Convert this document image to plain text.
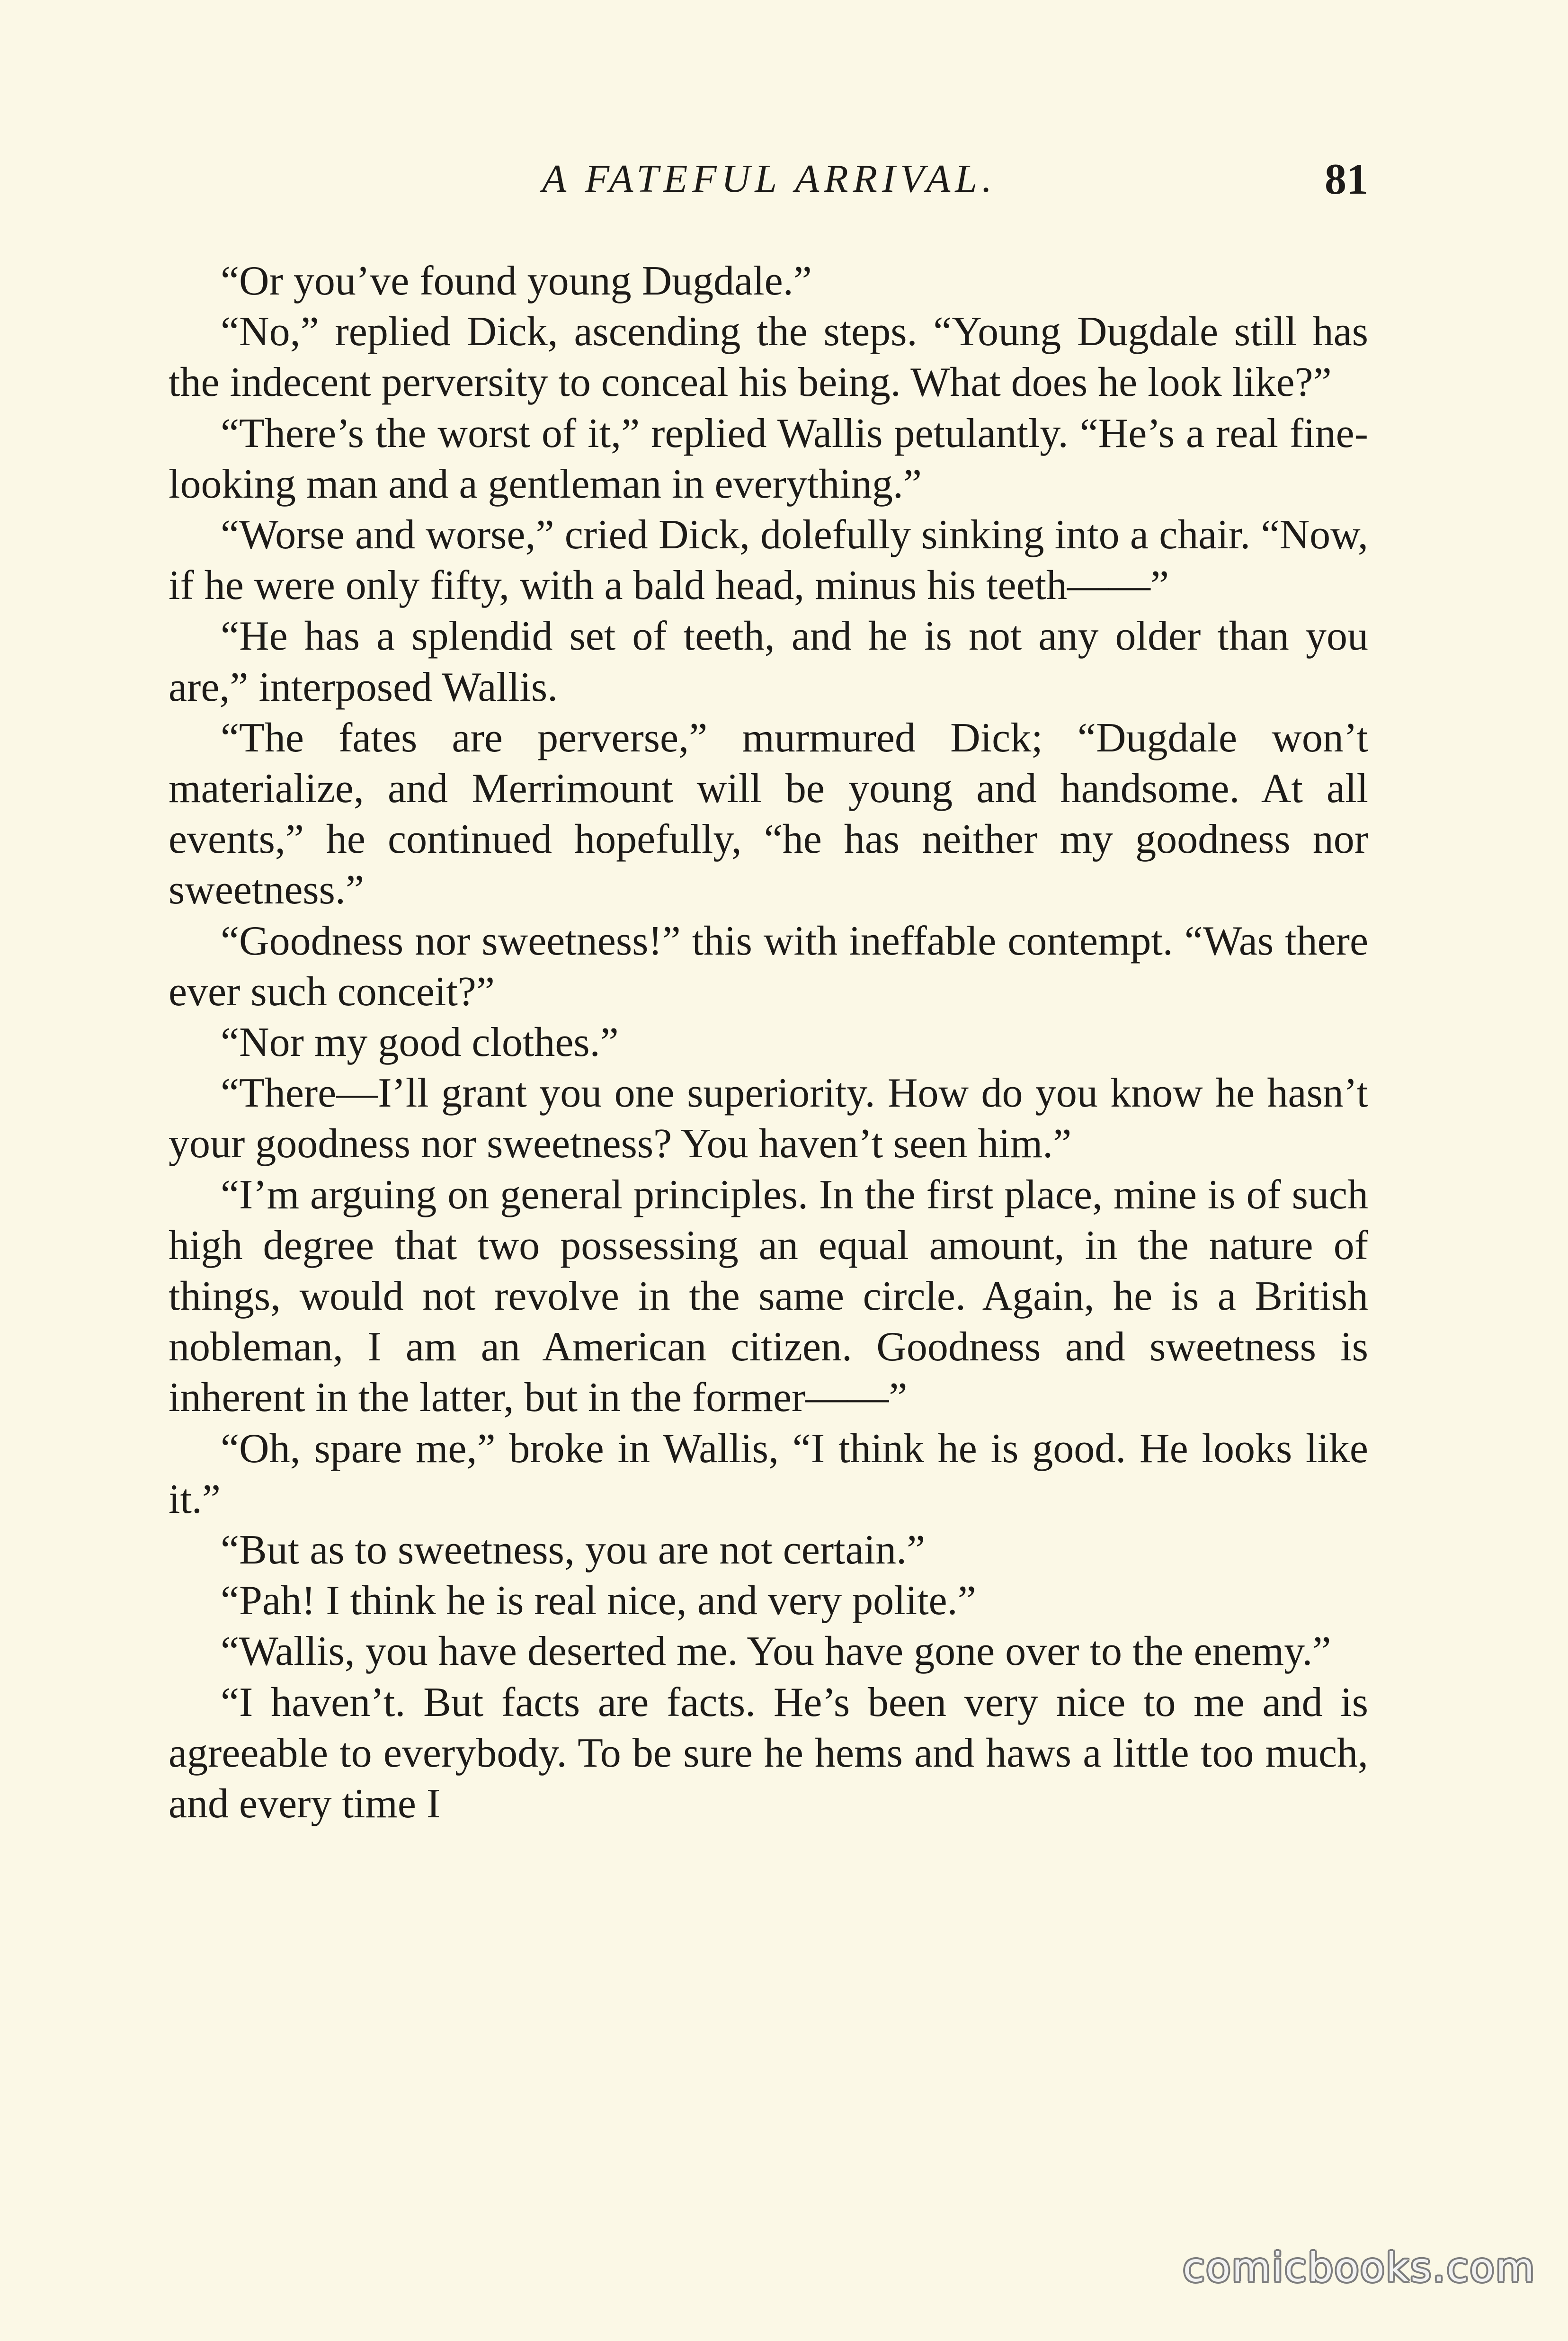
A FATEFUL ARRIVAL.	81

“Or you’ve found young Dugdale.”

“No,” replied Dick, ascending the steps. “Young Dugdale still has the indecent perversity to conceal his being. What does he look like?”

“There’s the worst of it,” replied Wallis petulantly. “He’s a real fine-looking man and a gentleman in everything.”

“Worse and worse,” cried Dick, dolefully sinking into a chair. “Now, if he were only fifty, with a bald head, minus his teeth——”

“He has a splendid set of teeth, and he is not any older than you are,” interposed Wallis.

“The fates are perverse,” murmured Dick; “Dugdale won’t materialize, and Merrimount will be young and handsome. At all events,” he continued hopefully, “he has neither my goodness nor sweetness.”

“Goodness nor sweetness!” this with ineffable contempt. “Was there ever such conceit?”

“Nor my good clothes.”

“There—I’ll grant you one superiority. How do you know he hasn’t your goodness nor sweetness? You haven’t seen him.”

“I’m arguing on general principles. In the first place, mine is of such high degree that two possessing an equal amount, in the nature of things, would not revolve in the same circle. Again, he is a British nobleman, I am an American citizen. Goodness and sweetness is inherent in the latter, but in the former——”

“Oh, spare me,” broke in Wallis, “I think he is good. He looks like it.”

“But as to sweetness, you are not certain.”

“Pah! I think he is real nice, and very polite.”

“Wallis, you have deserted me. You have gone over to the enemy.”

“I haven’t. But facts are facts. He’s been very nice to me and is agreeable to everybody. To be sure he hems and haws a little too much, and every time I

comicbooks.com
